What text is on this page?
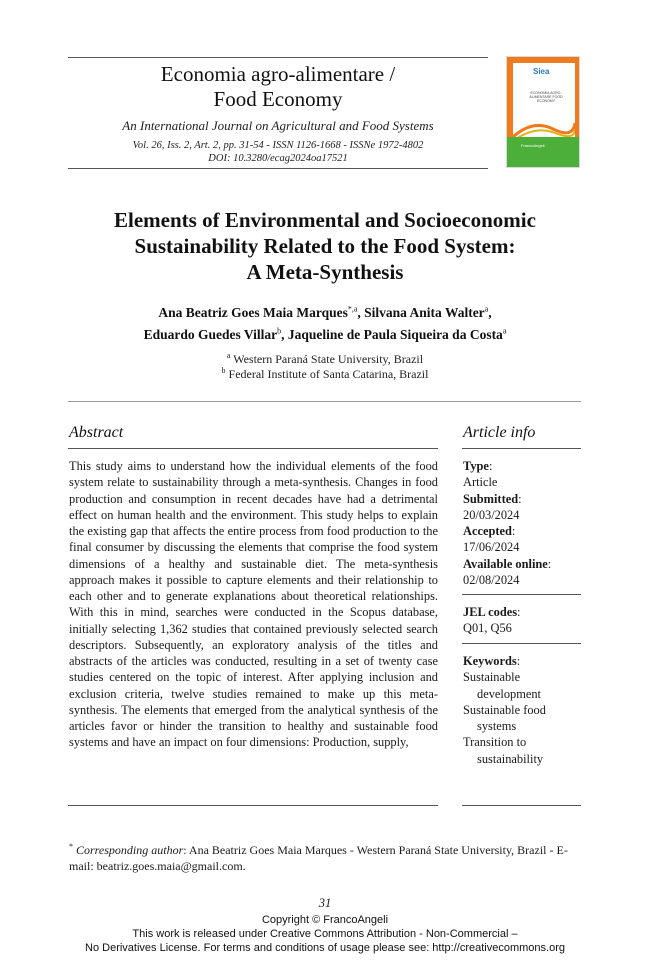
Economia agro-alimentare /
Food Economy
An International Journal on Agricultural and Food Systems
Vol. 26, Iss. 2, Art. 2, pp. 31-54 - ISSN 1126-1668 - ISSNe 1972-4802
DOI: 10.3280/ecag2024oa17521
Siea
ECONOMIA AGRO-ALIMENTARE FOOD ECONOMY
FrancoAngeli
Elements of Environmental and Socioeconomic
Sustainability Related to the Food System:
A Meta-Synthesis
Ana Beatriz Goes Maia Marques$^{*,a}$, Silvana Anita Walter$^a$,
Eduardo Guedes Villar$^b$, Jaqueline de Paula Siqueira da Costa$^a$
$^a$ Western Paraná State University, Brazil
$^b$ Federal Institute of Santa Catarina, Brazil
Abstract
This study aims to understand how the individual elements of the food system relate to sustainability through a meta-synthesis. Changes in food production and consumption in recent decades have had a detrimental effect on human health and the environment. This study helps to explain the existing gap that affects the entire process from food production to the final consumer by discussing the elements that comprise the food system dimensions of a healthy and sustainable diet. The meta-synthesis approach makes it possible to capture elements and their relationship to each other and to generate explanations about theoretical relationships. With this in mind, searches were conducted in the Scopus database, initially selecting 1,362 studies that contained previously selected search descriptors. Subsequently, an exploratory analysis of the titles and abstracts of the articles was conducted, resulting in a set of twenty case studies centered on the topic of interest. After applying inclusion and exclusion criteria, twelve studies remained to make up this meta-synthesis. The elements that emerged from the analytical synthesis of the articles favor or hinder the transition to healthy and sustainable food systems and have an impact on four dimensions: Production, supply,
Article info
Type:
Article
Submitted:
20/03/2024
Accepted:
17/06/2024
Available online:
02/08/2024
JEL codes:
Q01, Q56
Keywords:
Sustainable development
Sustainable food systems
Transition to sustainability
* Corresponding author: Ana Beatriz Goes Maia Marques - Western Paraná State University, Brazil - E-mail: beatriz.goes.maia@gmail.com.
31
Copyright © FrancoAngeli
This work is released under Creative Commons Attribution - Non-Commercial –
No Derivatives License. For terms and conditions of usage please see: http://creativecommons.org
